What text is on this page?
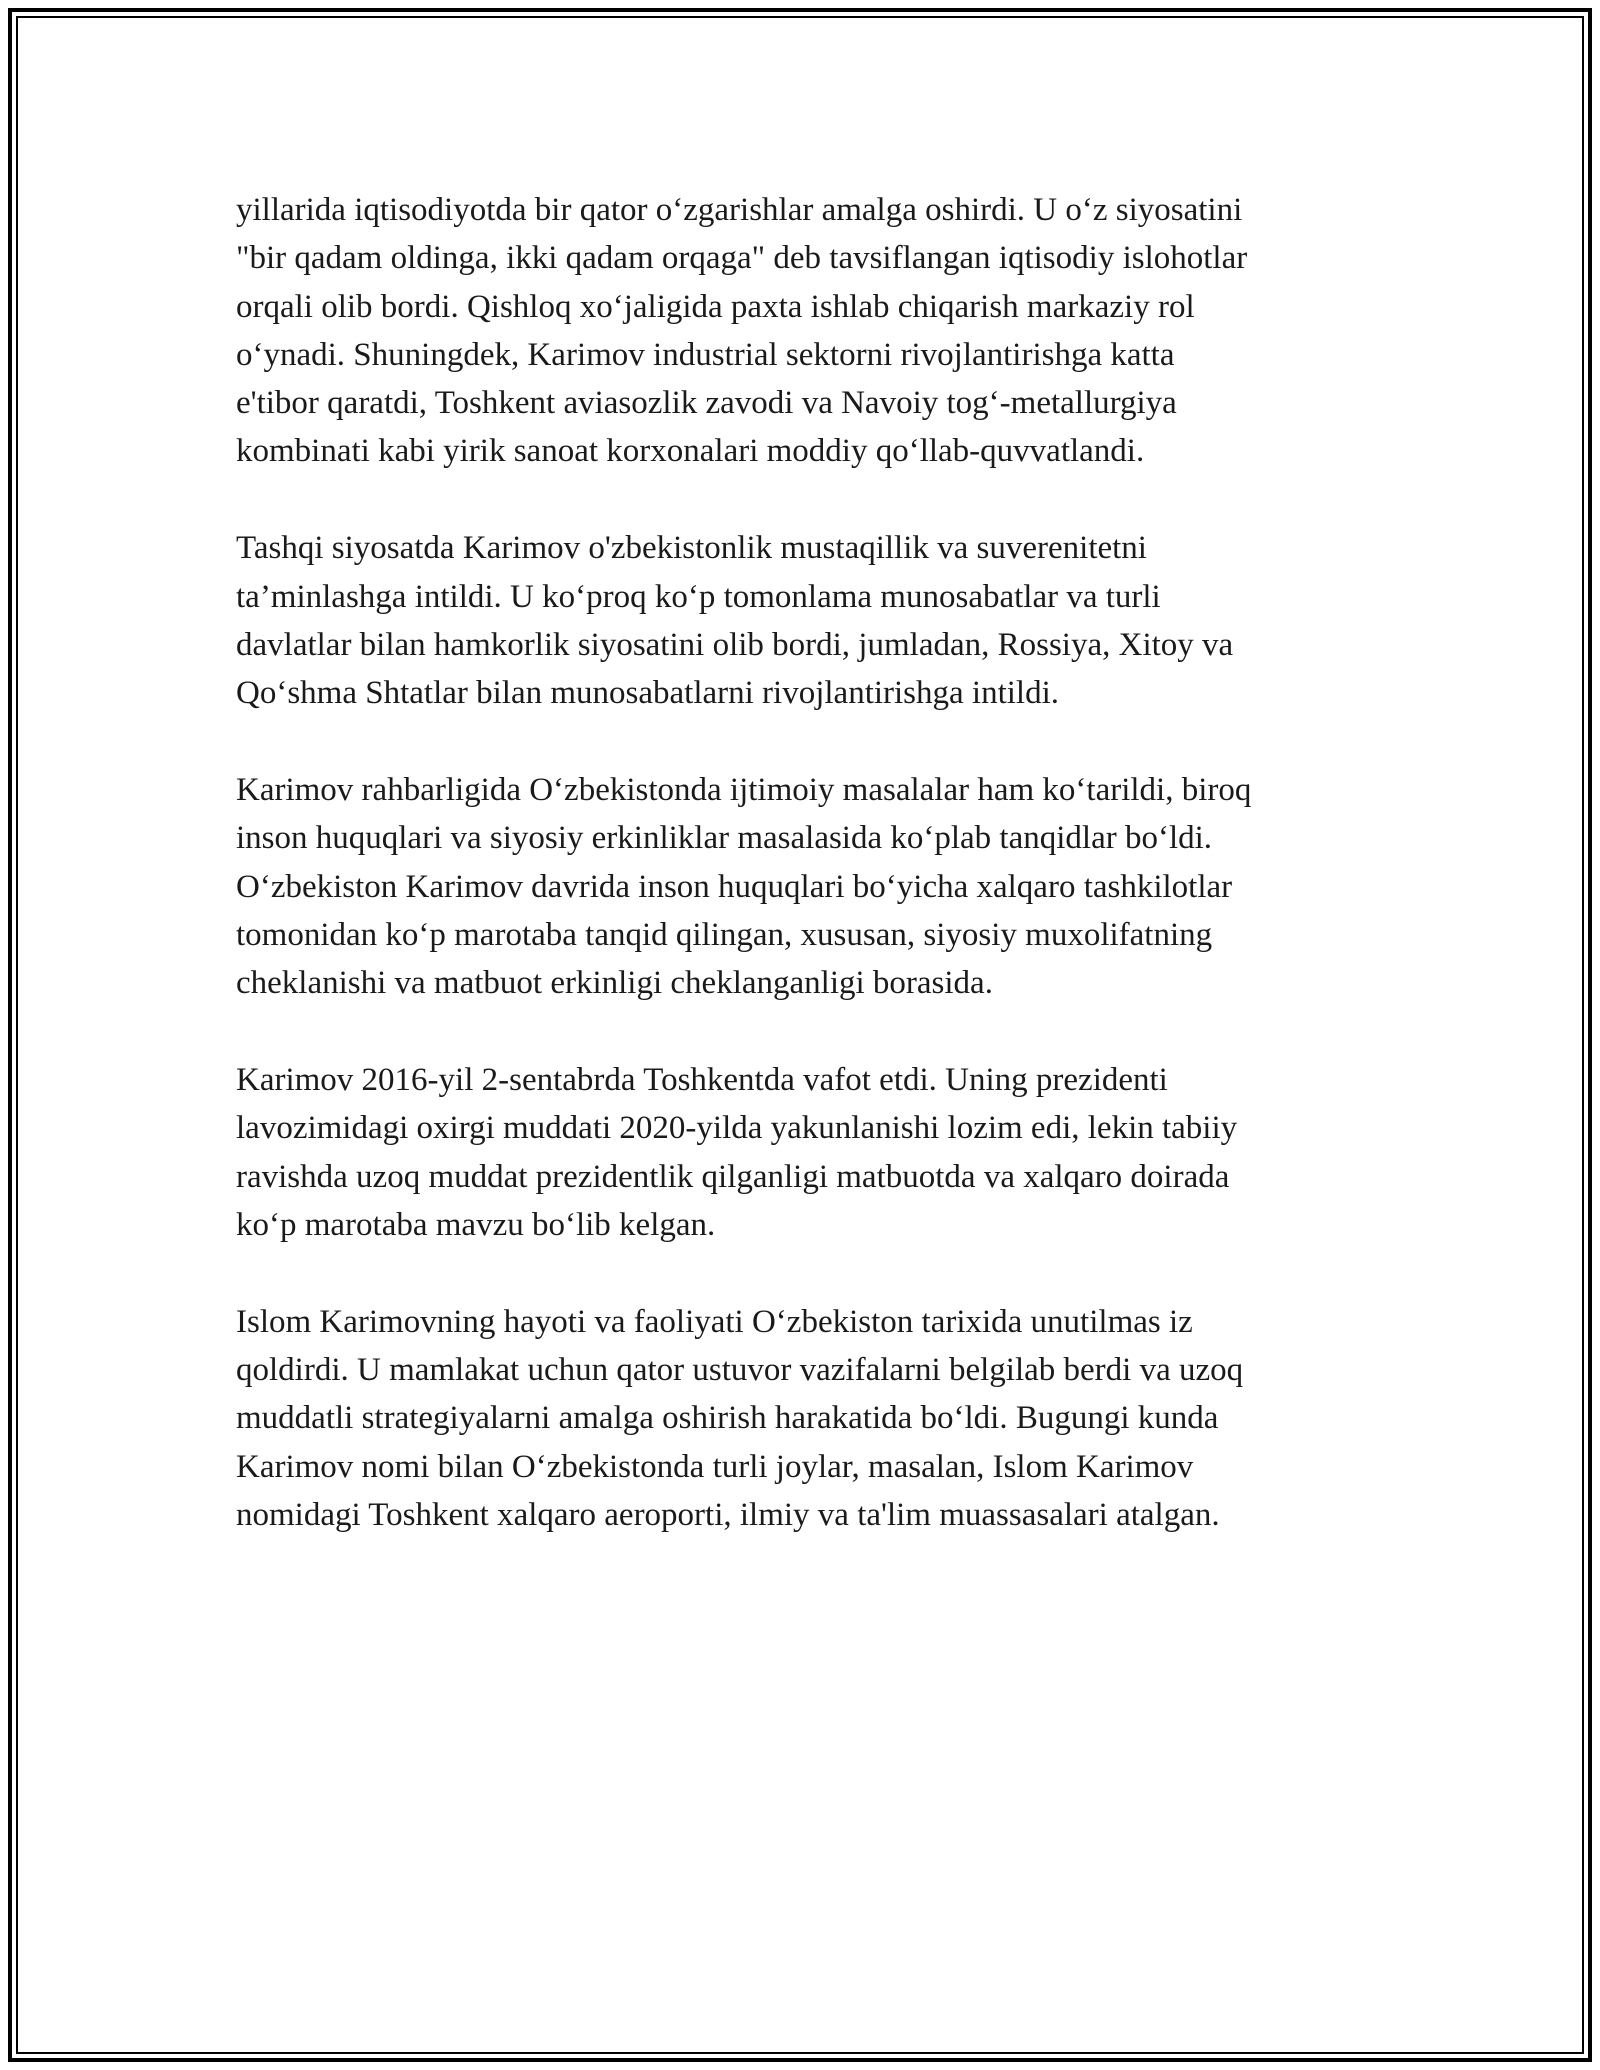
yillarida iqtisodiyotda bir qator o‘zgarishlar amalga oshirdi. U o‘z siyosatini
"bir qadam oldinga, ikki qadam orqaga" deb tavsiflangan iqtisodiy islohotlar
orqali olib bordi. Qishloq xo‘jaligida paxta ishlab chiqarish markaziy rol
o‘ynadi. Shuningdek, Karimov industrial sektorni rivojlantirishga katta
e'tibor qaratdi, Toshkent aviasozlik zavodi va Navoiy tog‘-metallurgiya
kombinati kabi yirik sanoat korxonalari moddiy qo‘llab-quvvatlandi.

Tashqi siyosatda Karimov o'zbekistonlik mustaqillik va suverenitetni
ta’minlashga intildi. U ko‘proq ko‘p tomonlama munosabatlar va turli
davlatlar bilan hamkorlik siyosatini olib bordi, jumladan, Rossiya, Xitoy va
Qo‘shma Shtatlar bilan munosabatlarni rivojlantirishga intildi.

Karimov rahbarligida O‘zbekistonda ijtimoiy masalalar ham ko‘tarildi, biroq
inson huquqlari va siyosiy erkinliklar masalasida ko‘plab tanqidlar bo‘ldi.
O‘zbekiston Karimov davrida inson huquqlari bo‘yicha xalqaro tashkilotlar
tomonidan ko‘p marotaba tanqid qilingan, xususan, siyosiy muxolifatning
cheklanishi va matbuot erkinligi cheklanganligi borasida.

Karimov 2016-yil 2-sentabrda Toshkentda vafot etdi. Uning prezidenti
lavozimidagi oxirgi muddati 2020-yilda yakunlanishi lozim edi, lekin tabiiy
ravishda uzoq muddat prezidentlik qilganligi matbuotda va xalqaro doirada
ko‘p marotaba mavzu bo‘lib kelgan.

Islom Karimovning hayoti va faoliyati O‘zbekiston tarixida unutilmas iz
qoldirdi. U mamlakat uchun qator ustuvor vazifalarni belgilab berdi va uzoq
muddatli strategiyalarni amalga oshirish harakatida bo‘ldi. Bugungi kunda
Karimov nomi bilan O‘zbekistonda turli joylar, masalan, Islom Karimov
nomidagi Toshkent xalqaro aeroporti, ilmiy va ta'lim muassasalari atalgan.
